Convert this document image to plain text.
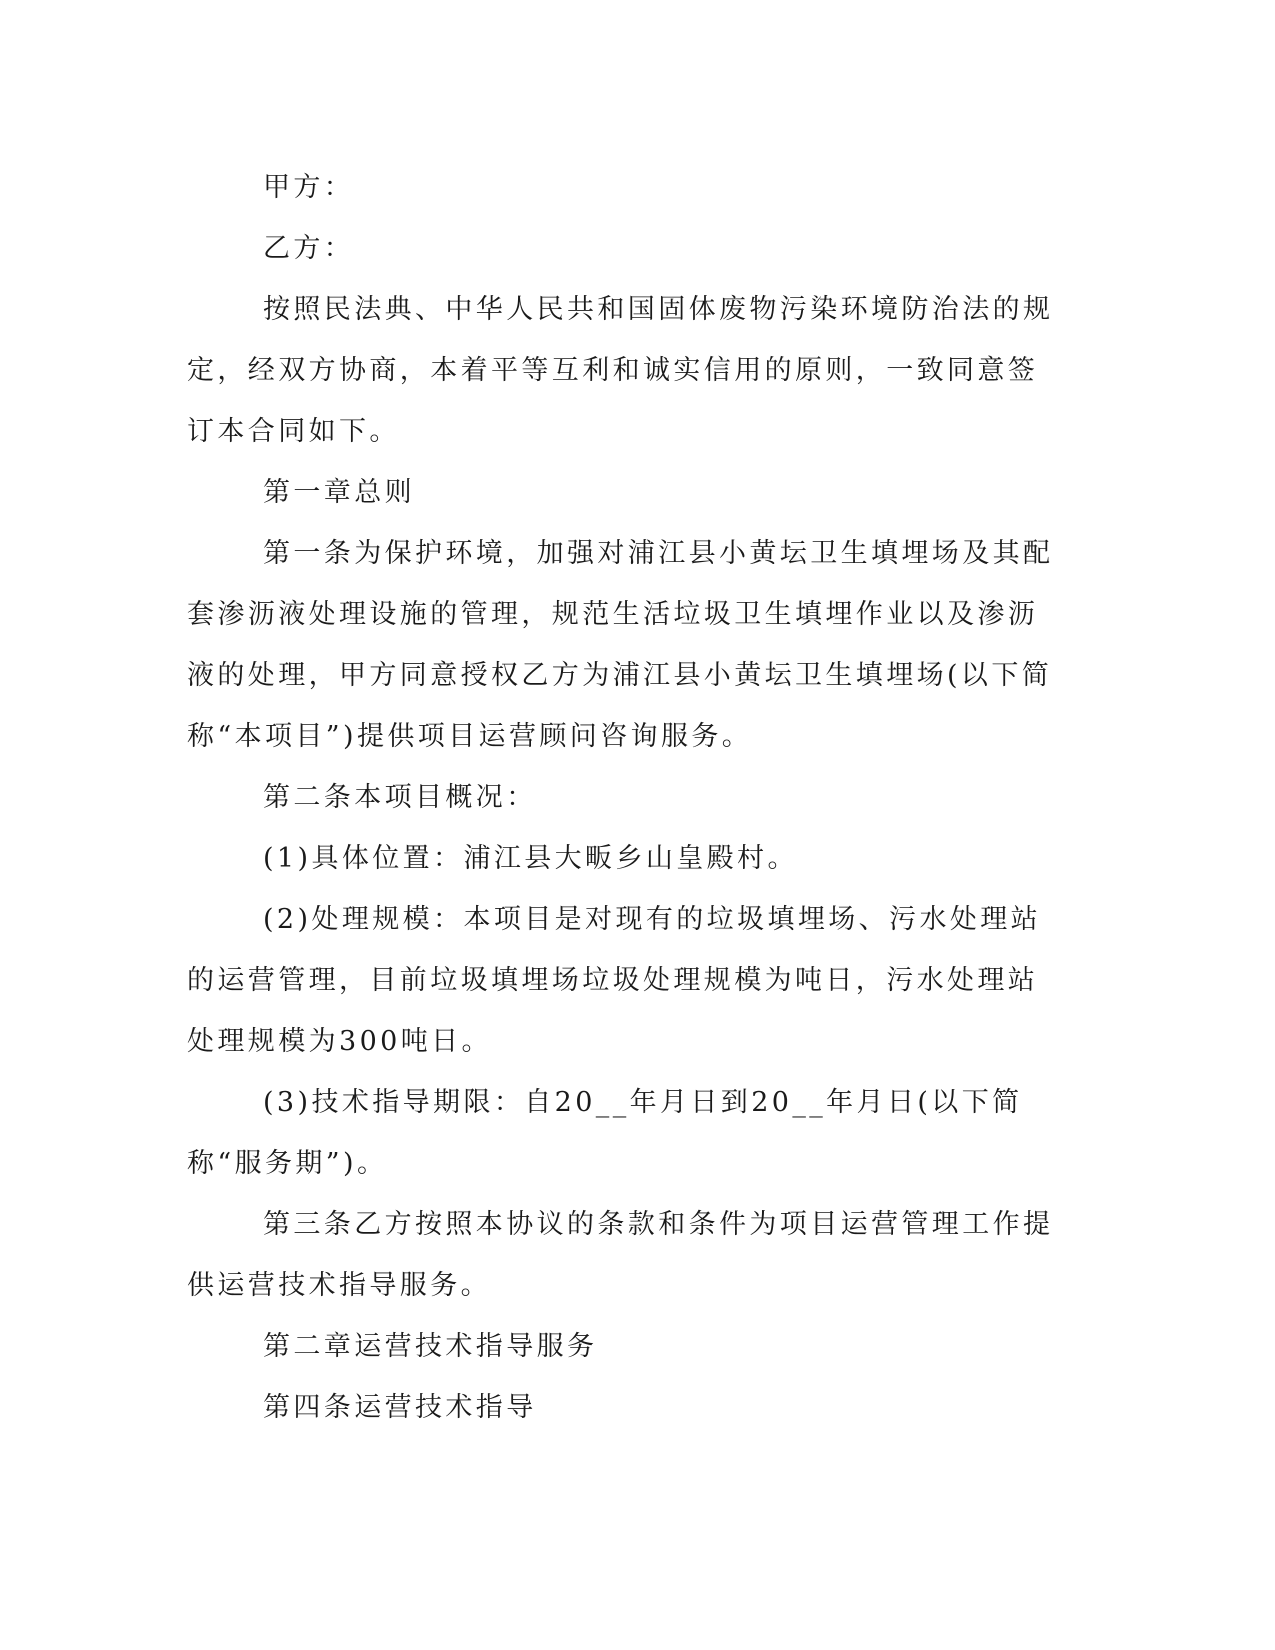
甲方：

乙方：

按照民法典、中华人民共和国固体废物污染环境防治法的规定，经双方协商，本着平等互利和诚实信用的原则，一致同意签订本合同如下。

第一章总则

第一条为保护环境，加强对浦江县小黄坛卫生填埋场及其配套渗沥液处理设施的管理，规范生活垃圾卫生填埋作业以及渗沥液的处理，甲方同意授权乙方为浦江县小黄坛卫生填埋场(以下简称“本项目”)提供项目运营顾问咨询服务。

第二条本项目概况：

(1)具体位置：浦江县大畈乡山皇殿村。

(2)处理规模：本项目是对现有的垃圾填埋场、污水处理站的运营管理，目前垃圾填埋场垃圾处理规模为吨日，污水处理站处理规模为300吨日。

(3)技术指导期限：自20__年月日到20__年月日(以下简称“服务期”)。

第三条乙方按照本协议的条款和条件为项目运营管理工作提供运营技术指导服务。

第二章运营技术指导服务

第四条运营技术指导
